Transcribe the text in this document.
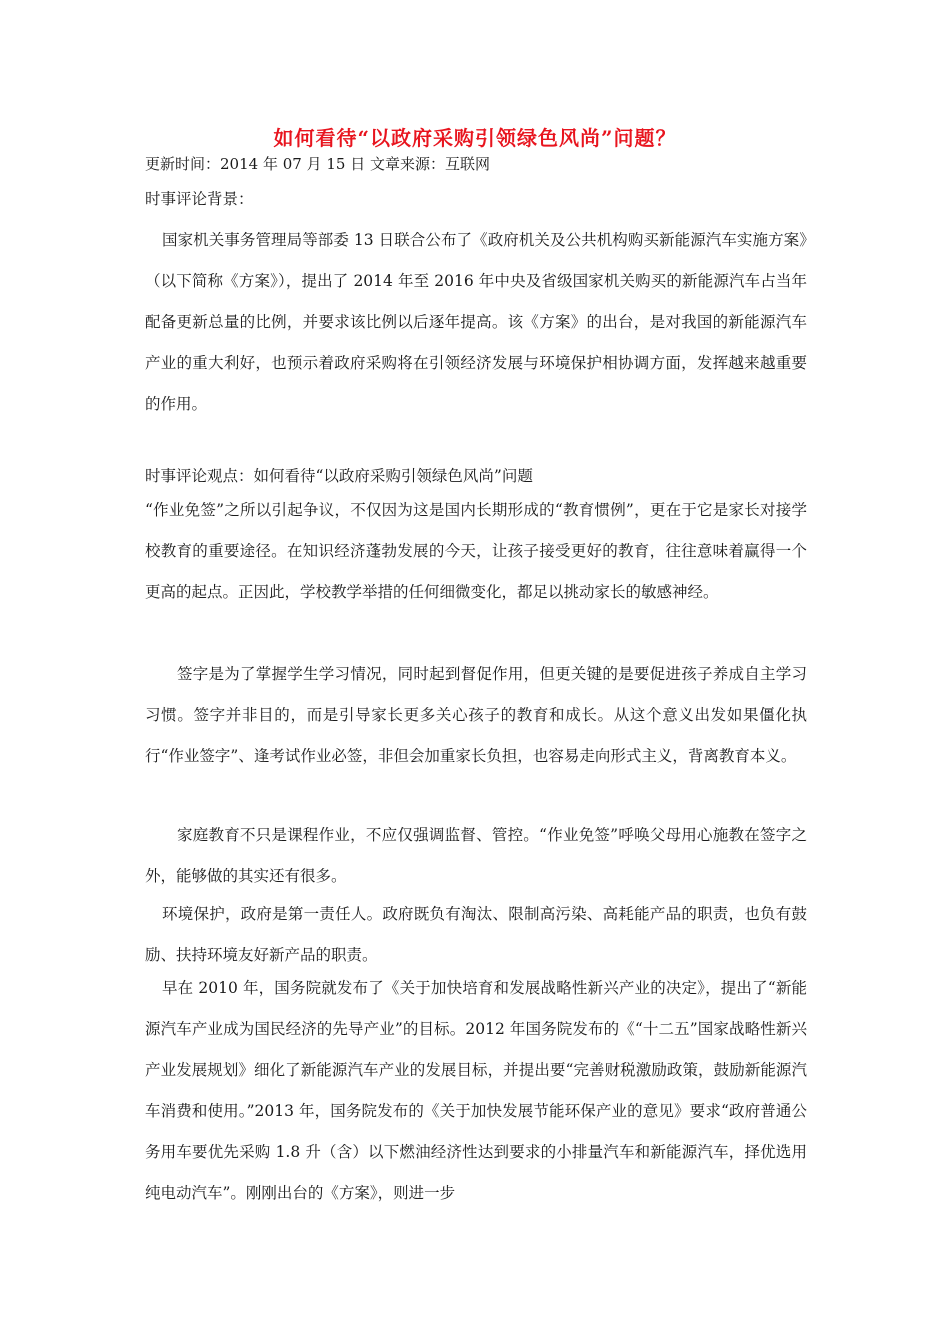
如何看待“以政府采购引领绿色风尚”问题？
更新时间：2014 年 07 月 15 日 文章来源：互联网
时事评论背景：
国家机关事务管理局等部委 13 日联合公布了《政府机关及公共机构购买新能源汽车实施方案》（以下简称《方案》），提出了 2014 年至 2016 年中央及省级国家机关购买的新能源汽车占当年配备更新总量的比例，并要求该比例以后逐年提高。该《方案》的出台，是对我国的新能源汽车产业的重大利好，也预示着政府采购将在引领经济发展与环境保护相协调方面，发挥越来越重要的作用。
时事评论观点：如何看待“以政府采购引领绿色风尚”问题
“作业免签”之所以引起争议，不仅因为这是国内长期形成的“教育惯例”，更在于它是家长对接学校教育的重要途径。在知识经济蓬勃发展的今天，让孩子接受更好的教育，往往意味着赢得一个更高的起点。正因此，学校教学举措的任何细微变化，都足以挑动家长的敏感神经。
签字是为了掌握学生学习情况，同时起到督促作用，但更关键的是要促进孩子养成自主学习习惯。签字并非目的，而是引导家长更多关心孩子的教育和成长。从这个意义出发如果僵化执行“作业签字”、逢考试作业必签，非但会加重家长负担，也容易走向形式主义，背离教育本义。
家庭教育不只是课程作业，不应仅强调监督、管控。“作业免签”呼唤父母用心施教在签字之外，能够做的其实还有很多。
环境保护，政府是第一责任人。政府既负有淘汰、限制高污染、高耗能产品的职责，也负有鼓励、扶持环境友好新产品的职责。
早在 2010 年，国务院就发布了《关于加快培育和发展战略性新兴产业的决定》，提出了“新能源汽车产业成为国民经济的先导产业”的目标。2012 年国务院发布的《“十二五”国家战略性新兴产业发展规划》细化了新能源汽车产业的发展目标，并提出要“完善财税激励政策，鼓励新能源汽车消费和使用。”2013 年，国务院发布的《关于加快发展节能环保产业的意见》要求“政府普通公务用车要优先采购 1.8 升（含）以下燃油经济性达到要求的小排量汽车和新能源汽车，择优选用纯电动汽车”。刚刚出台的《方案》，则进一步
